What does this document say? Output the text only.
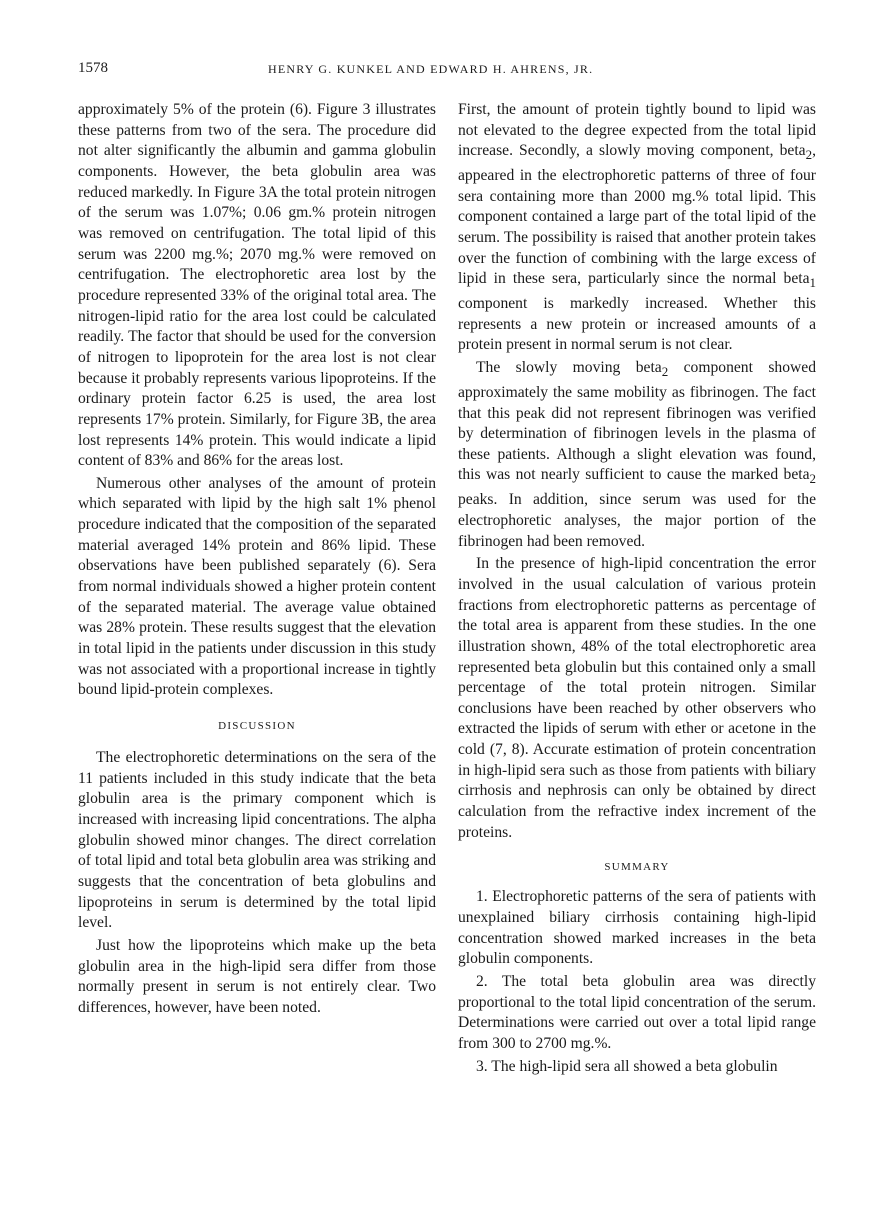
1578	HENRY G. KUNKEL AND EDWARD H. AHRENS, JR.

approximately 5% of the protein (6). Figure 3 illustrates these patterns from two of the sera. The procedure did not alter significantly the albumin and gamma globulin components. However, the beta globulin area was reduced markedly. In Figure 3A the total protein nitrogen of the serum was 1.07%; 0.06 gm.% protein nitrogen was removed on centrifugation. The total lipid of this serum was 2200 mg.%; 2070 mg.% were removed on centrifugation. The electrophoretic area lost by the procedure represented 33% of the original total area. The nitrogen-lipid ratio for the area lost could be calculated readily. The factor that should be used for the conversion of nitrogen to lipoprotein for the area lost is not clear because it probably represents various lipoproteins. If the ordinary protein factor 6.25 is used, the area lost represents 17% protein. Similarly, for Figure 3B, the area lost represents 14% protein. This would indicate a lipid content of 83% and 86% for the areas lost.

Numerous other analyses of the amount of protein which separated with lipid by the high salt 1% phenol procedure indicated that the composition of the separated material averaged 14% protein and 86% lipid. These observations have been published separately (6). Sera from normal individuals showed a higher protein content of the separated material. The average value obtained was 28% protein. These results suggest that the elevation in total lipid in the patients under discussion in this study was not associated with a proportional increase in tightly bound lipid-protein complexes.

DISCUSSION

The electrophoretic determinations on the sera of the 11 patients included in this study indicate that the beta globulin area is the primary component which is increased with increasing lipid concentrations. The alpha globulin showed minor changes. The direct correlation of total lipid and total beta globulin area was striking and suggests that the concentration of beta globulins and lipoproteins in serum is determined by the total lipid level.

Just how the lipoproteins which make up the beta globulin area in the high-lipid sera differ from those normally present in serum is not entirely clear. Two differences, however, have been noted.

First, the amount of protein tightly bound to lipid was not elevated to the degree expected from the total lipid increase. Secondly, a slowly moving component, beta$_2$, appeared in the electrophoretic patterns of three of four sera containing more than 2000 mg.% total lipid. This component contained a large part of the total lipid of the serum. The possibility is raised that another protein takes over the function of combining with the large excess of lipid in these sera, particularly since the normal beta$_1$ component is markedly increased. Whether this represents a new protein or increased amounts of a protein present in normal serum is not clear.

The slowly moving beta$_2$ component showed approximately the same mobility as fibrinogen. The fact that this peak did not represent fibrinogen was verified by determination of fibrinogen levels in the plasma of these patients. Although a slight elevation was found, this was not nearly sufficient to cause the marked beta$_2$ peaks. In addition, since serum was used for the electrophoretic analyses, the major portion of the fibrinogen had been removed.

In the presence of high-lipid concentration the error involved in the usual calculation of various protein fractions from electrophoretic patterns as percentage of the total area is apparent from these studies. In the one illustration shown, 48% of the total electrophoretic area represented beta globulin but this contained only a small percentage of the total protein nitrogen. Similar conclusions have been reached by other observers who extracted the lipids of serum with ether or acetone in the cold (7, 8). Accurate estimation of protein concentration in high-lipid sera such as those from patients with biliary cirrhosis and nephrosis can only be obtained by direct calculation from the refractive index increment of the proteins.

SUMMARY

1. Electrophoretic patterns of the sera of patients with unexplained biliary cirrhosis containing high-lipid concentration showed marked increases in the beta globulin components.

2. The total beta globulin area was directly proportional to the total lipid concentration of the serum. Determinations were carried out over a total lipid range from 300 to 2700 mg.%.

3. The high-lipid sera all showed a beta globulin
